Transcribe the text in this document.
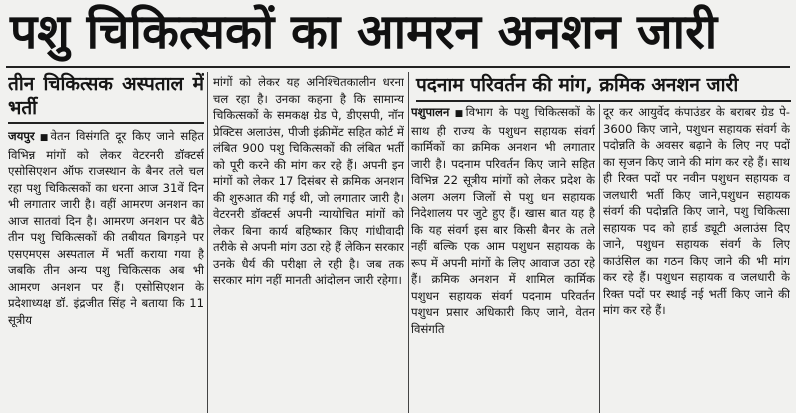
पशु चिकित्सकों का आमरन अनशन जारी
तीन चिकित्सक अस्पताल में भर्ती

जयपुर ■ वेतन विसंगति दूर किए जाने सहित विभिन्न मांगों को लेकर वेटरनरी डॉक्टर्स एसोसिएशन ऑफ राजस्थान के बैनर तले चल रहा पशु चिकित्सकों का धरना आज 31वें दिन भी लगातार जारी है। वहीं आमरण अनशन का आज सातवां दिन है। आमरण अनशन पर बैठे तीन पशु चिकित्सकों की तबीयत बिगड़ने पर एसएमएस अस्पताल में भर्ती कराया गया है जबकि तीन अन्य पशु चिकित्सक अब भी आमरण अनशन पर हैं। एसोसिएशन के प्रदेशाध्यक्ष डॉ. इंद्रजीत सिंह ने बताया कि 11 सूत्रीय

मांगों को लेकर यह अनिश्चितकालीन धरना चल रहा है। उनका कहना है कि सामान्य चिकित्सकों के समकक्ष ग्रेड पे, डीएसपी, नॉन प्रेक्टिस अलाउंस, पीजी इंक्रीमेंट सहित कोर्ट में लंबित 900 पशु चिकित्सकों की लंबित भर्ती को पूरी करने की मांग कर रहे हैं। अपनी इन मांगों को लेकर 17 दिसंबर से क्रमिक अनशन की शुरुआत की गई थी, जो लगातार जारी है। वेटरनरी डॉक्टर्स अपनी न्यायोचित मांगों को लेकर बिना कार्य बहिष्कार किए गांधीवादी तरीके से अपनी मांग उठा रहे हैं लेकिन सरकार उनके धैर्य की परीक्षा ले रही है। जब तक सरकार मांग नहीं मानती आंदोलन जारी रहेगा।

पदनाम परिवर्तन की मांग, क्रमिक अनशन जारी

पशुपालन ■ विभाग के पशु चिकित्सकों के साथ ही राज्य के पशुधन सहायक संवर्ग कार्मिकों का क्रमिक अनशन भी लगातार जारी है। पदनाम परिवर्तन किए जाने सहित विभिन्न 22 सूत्रीय मांगों को लेकर प्रदेश के अलग अलग जिलों से पशु धन सहायक निदेशालय पर जुटे हुए हैं। खास बात यह है कि यह संवर्ग इस बार किसी बैनर के तले नहीं बल्कि एक आम पशुधन सहायक के रूप में अपनी मांगों के लिए आवाज उठा रहे हैं। क्रमिक अनशन में शामिल कार्मिक पशुधन सहायक संवर्ग पदनाम परिवर्तन पशुधन प्रसार अधिकारी किए जाने, वेतन विसंगति

दूर कर आयुर्वेद कंपाउंडर के बराबर ग्रेड पे- 3600 किए जाने, पशुधन सहायक संवर्ग के पदोन्नति के अवसर बढ़ाने के लिए नए पदों का सृजन किए जाने की मांग कर रहे हैं। साथ ही रिक्त पदों पर नवीन पशुधन सहायक व जलधारी भर्ती किए जाने,पशुधन सहायक संवर्ग की पदोन्नति किए जाने, पशु चिकित्सा सहायक पद को हार्ड ड्यूटी अलाउंस दिए जाने, पशुधन सहायक संवर्ग के लिए काउंसिल का गठन किए जाने की भी मांग कर रहे हैं। पशुधन सहायक व जलधारी के रिक्त पदों पर स्थाई नई भर्ती किए जाने की मांग कर रहे हैं।
